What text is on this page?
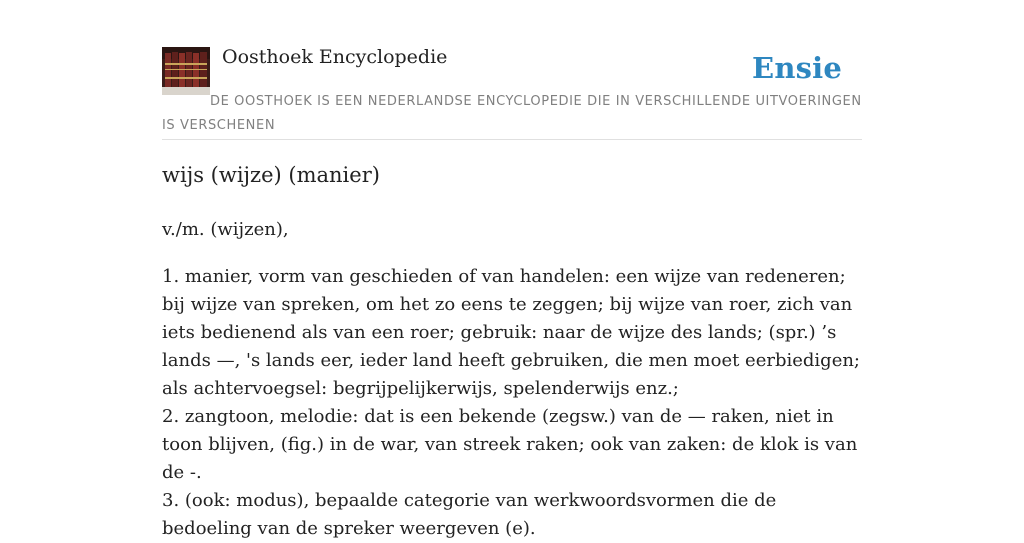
Oosthoek Encyclopedie	Ensie
DE OOSTHOEK IS EEN NEDERLANDSE ENCYCLOPEDIE DIE IN VERSCHILLENDE UITVOERINGEN IS VERSCHENEN
wijs (wijze) (manier)

v./m. (wijzen),

1. manier, vorm van geschieden of van handelen: een wijze van redeneren; bij wijze van spreken, om het zo eens te zeggen; bij wijze van roer, zich van iets bedienend als van een roer; gebruik: naar de wijze des lands; (spr.) ’s lands —, 's lands eer, ieder land heeft gebruiken, die men moet eerbiedigen; als achtervoegsel: begrijpelijkerwijs, spelenderwijs enz.;
2. zangtoon, melodie: dat is een bekende (zegsw.) van de — raken, niet in toon blijven, (fig.) in de war, van streek raken; ook van zaken: de klok is van de -.
3. (ook: modus), bepaalde categorie van werkwoordsvormen die de bedoeling van de spreker weergeven (e).
